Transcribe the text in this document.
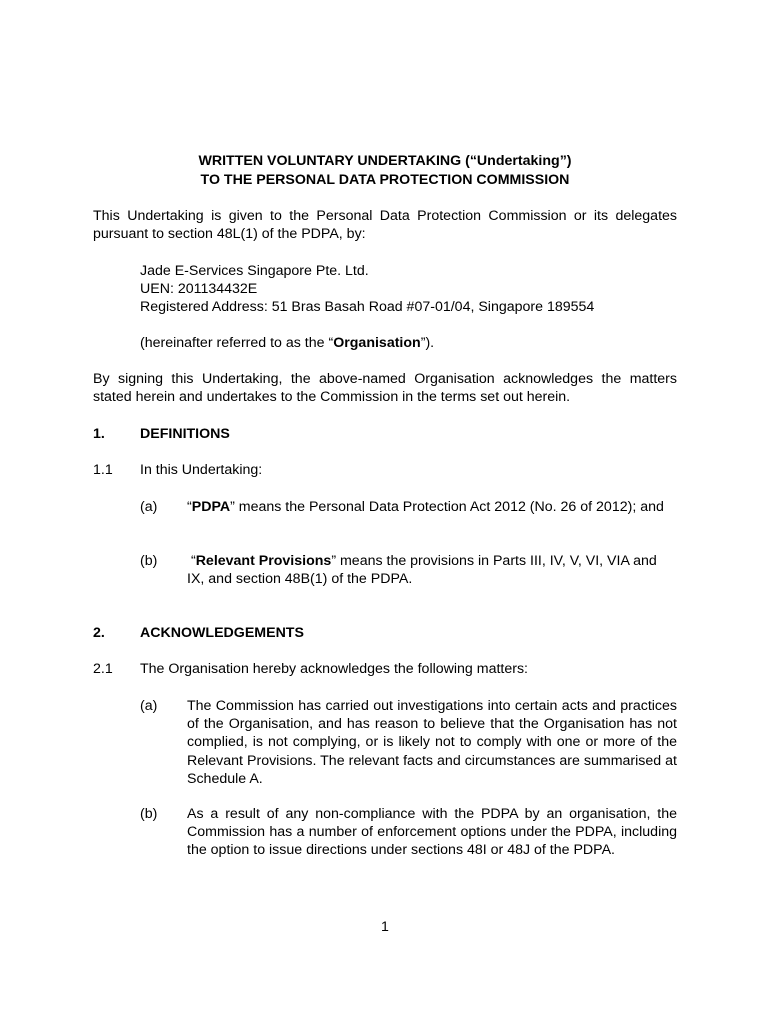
WRITTEN VOLUNTARY UNDERTAKING (“Undertaking”)
TO THE PERSONAL DATA PROTECTION COMMISSION
This Undertaking is given to the Personal Data Protection Commission or its delegates pursuant to section 48L(1) of the PDPA, by:
Jade E-Services Singapore Pte. Ltd.
UEN: 201134432E
Registered Address: 51 Bras Basah Road #07-01/04, Singapore 189554
(hereinafter referred to as the “Organisation”).
By signing this Undertaking, the above-named Organisation acknowledges the matters stated herein and undertakes to the Commission in the terms set out herein.
1. DEFINITIONS
1.1 In this Undertaking:
(a) “PDPA” means the Personal Data Protection Act 2012 (No. 26 of 2012); and
(b) “Relevant Provisions” means the provisions in Parts III, IV, V, VI, VIA and IX, and section 48B(1) of the PDPA.
2. ACKNOWLEDGEMENTS
2.1 The Organisation hereby acknowledges the following matters:
(a) The Commission has carried out investigations into certain acts and practices of the Organisation, and has reason to believe that the Organisation has not complied, is not complying, or is likely not to comply with one or more of the Relevant Provisions. The relevant facts and circumstances are summarised at Schedule A.
(b) As a result of any non-compliance with the PDPA by an organisation, the Commission has a number of enforcement options under the PDPA, including the option to issue directions under sections 48I or 48J of the PDPA.
1
